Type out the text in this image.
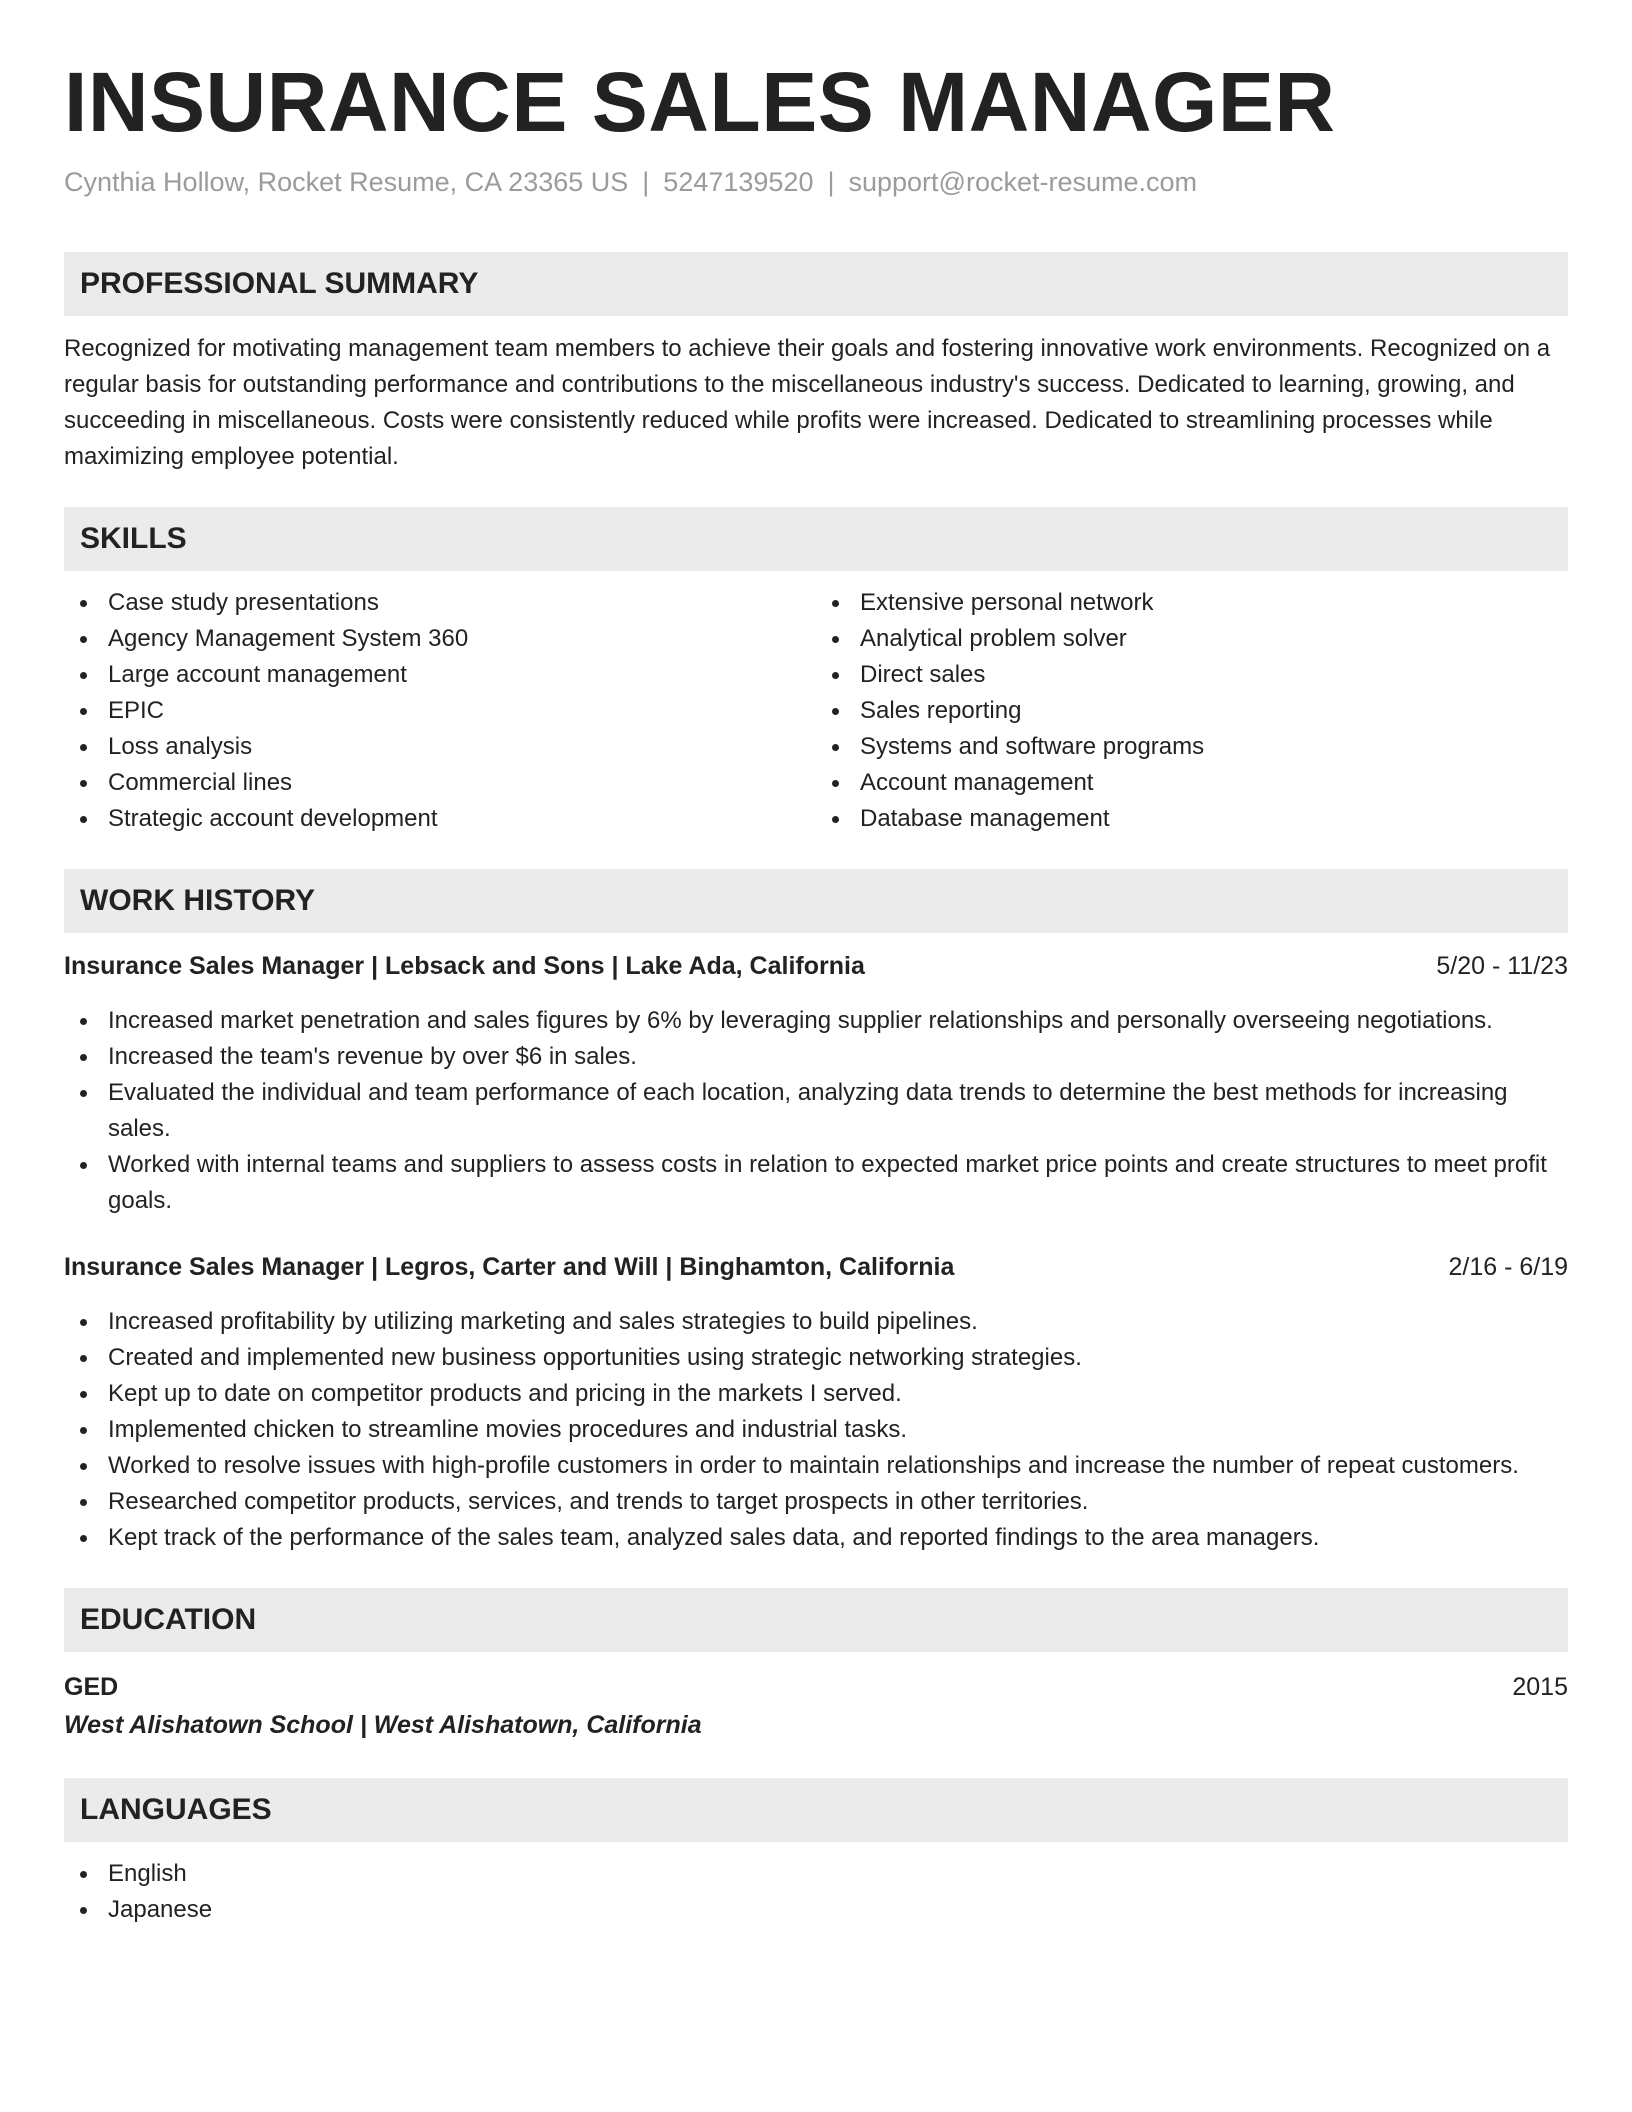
INSURANCE SALES MANAGER
Cynthia Hollow, Rocket Resume, CA 23365 US | 5247139520 | support@rocket-resume.com
PROFESSIONAL SUMMARY

Recognized for motivating management team members to achieve their goals and fostering innovative work environments. Recognized on a regular basis for outstanding performance and contributions to the miscellaneous industry's success. Dedicated to learning, growing, and succeeding in miscellaneous. Costs were consistently reduced while profits were increased. Dedicated to streamlining processes while maximizing employee potential.

SKILLS
Case study presentations
Agency Management System 360
Large account management
EPIC
Loss analysis
Commercial lines
Strategic account development
Extensive personal network
Analytical problem solver
Direct sales
Sales reporting
Systems and software programs
Account management
Database management
WORK HISTORY
Insurance Sales Manager | Lebsack and Sons | Lake Ada, California	5/20 - 11/23
Increased market penetration and sales figures by 6% by leveraging supplier relationships and personally overseeing negotiations.
Increased the team's revenue by over $6 in sales.
Evaluated the individual and team performance of each location, analyzing data trends to determine the best methods for increasing sales.
Worked with internal teams and suppliers to assess costs in relation to expected market price points and create structures to meet profit goals.
Insurance Sales Manager | Legros, Carter and Will | Binghamton, California	2/16 - 6/19
Increased profitability by utilizing marketing and sales strategies to build pipelines.
Created and implemented new business opportunities using strategic networking strategies.
Kept up to date on competitor products and pricing in the markets I served.
Implemented chicken to streamline movies procedures and industrial tasks.
Worked to resolve issues with high-profile customers in order to maintain relationships and increase the number of repeat customers.
Researched competitor products, services, and trends to target prospects in other territories.
Kept track of the performance of the sales team, analyzed sales data, and reported findings to the area managers.
EDUCATION
GED	2015
West Alishatown School | West Alishatown, California
LANGUAGES
English
Japanese
